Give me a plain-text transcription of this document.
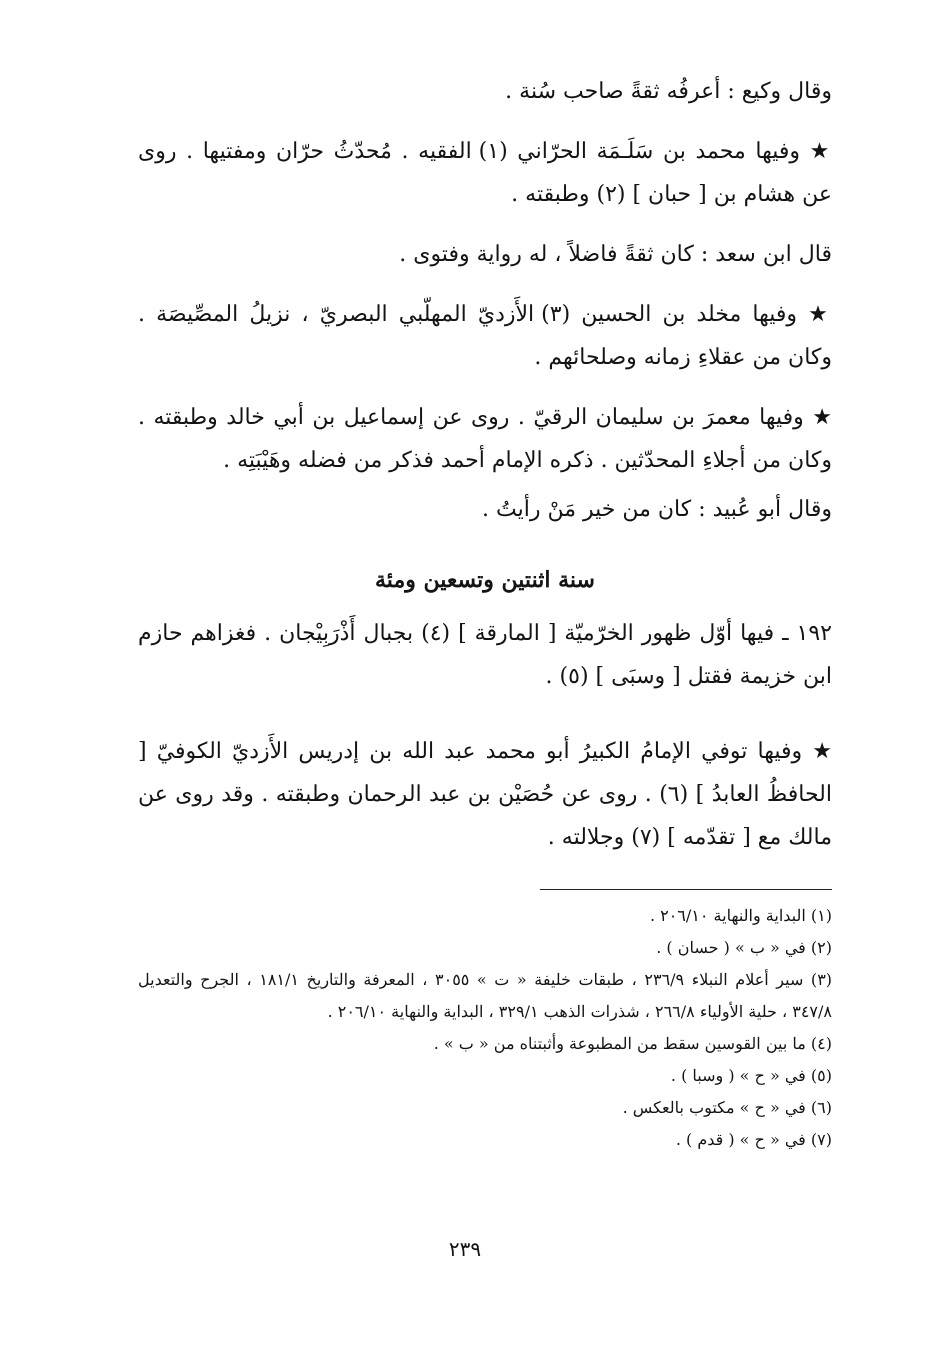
وقال وكيع : أعرفُه ثقةً صاحب سُنة .

★ وفيها محمد بن سَلَـمَة الحرّاني (١) الفقيه . مُحدّثُ حرّان ومفتيها . روى عن هشام بن [ حبان ] (٢) وطبقته .

قال ابن سعد : كان ثقةً فاضلاً ، له رواية وفتوى .

★ وفيها مخلد بن الحسين (٣) الأَزديّ المهلّبي البصريّ ، نزيلُ المصِّيصَة . وكان من عقلاءِ زمانه وصلحائهم .

★ وفيها معمرَ بن سليمان الرقيّ . روى عن إسماعيل بن أبي خالد وطبقته . وكان من أجلاءِ المحدّثين . ذكره الإمام أحمد فذكر من فضله وهَيْبَتِه .

وقال أبو عُبيد : كان من خير مَنْ رأيتُ .

سنة اثنتين وتسعين ومئة

١٩٢ ـ فيها أوّل ظهور الخرّميّة [ المارقة ] (٤) بجبال أَذْرَبِيْجان . فغزاهم حازم ابن خزيمة فقتل [ وسبَى ] (٥) .

★ وفيها توفي الإمامُ الكبيرُ أبو محمد عبد الله بن إدريس الأَزديّ الكوفيّ [ الحافظُ العابدُ ] (٦) . روى عن حُصَيْن بن عبد الرحمان وطبقته . وقد روى عن مالك مع [ تقدّمه ] (٧) وجلالته .

(١) البداية والنهاية ٢٠٦/١٠ .

(٢) في « ب » ( حسان ) .

(٣) سير أعلام النبلاء ٢٣٦/٩ ، طبقات خليفة « ت » ٣٠٥٥ ، المعرفة والتاريخ ١٨١/١ ، الجرح والتعديل ٣٤٧/٨ ، حلية الأولياء ٢٦٦/٨ ، شذرات الذهب ٣٢٩/١ ، البداية والنهاية ٢٠٦/١٠ .

(٤) ما بين القوسين سقط من المطبوعة وأثبتناه من « ب » .

(٥) في « ح » ( وسبا ) .

(٦) في « ح » مكتوب بالعكس .

(٧) في « ح » ( قدم ) .

٢٣٩
